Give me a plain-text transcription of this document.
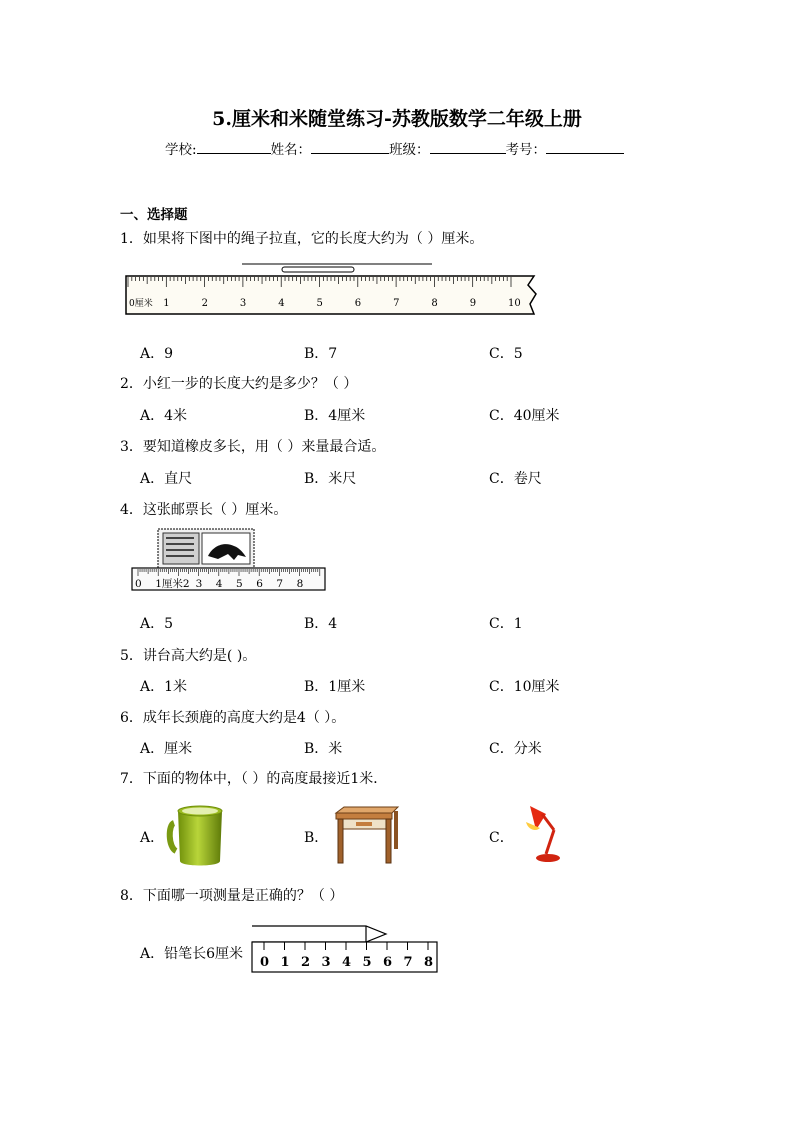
5.厘米和米随堂练习-苏教版数学二年级上册
学校:	姓名：	班级：	考号：
一、选择题
1．如果将下图中的绳子拉直，它的长度大约为（ ）厘米。
0厘米 1	2	3	4	5	6	7	8	9	10
A．9	B．7	C．5
2．小红一步的长度大约是多少？（ ）
A．4米	B．4厘米	C．40厘米
3．要知道橡皮多长，用（ ）来量最合适。
A．直尺	B．米尺	C．卷尺
4．这张邮票长（ ）厘米。
0 1厘米2 3 4 5 6 7 8
A．5	B．4	C．1
5．讲台高大约是( )。
A．1米	B．1厘米	C．10厘米
6．成年长颈鹿的高度大约是4（ ）。
A．厘米	B．米	C．分米
7．下面的物体中，（ ）的高度最接近1米．
A．	B．	C．
8．下面哪一项测量是正确的？（ ）
A．铅笔长6厘米
0 1 2 3 4 5 6 7 8
